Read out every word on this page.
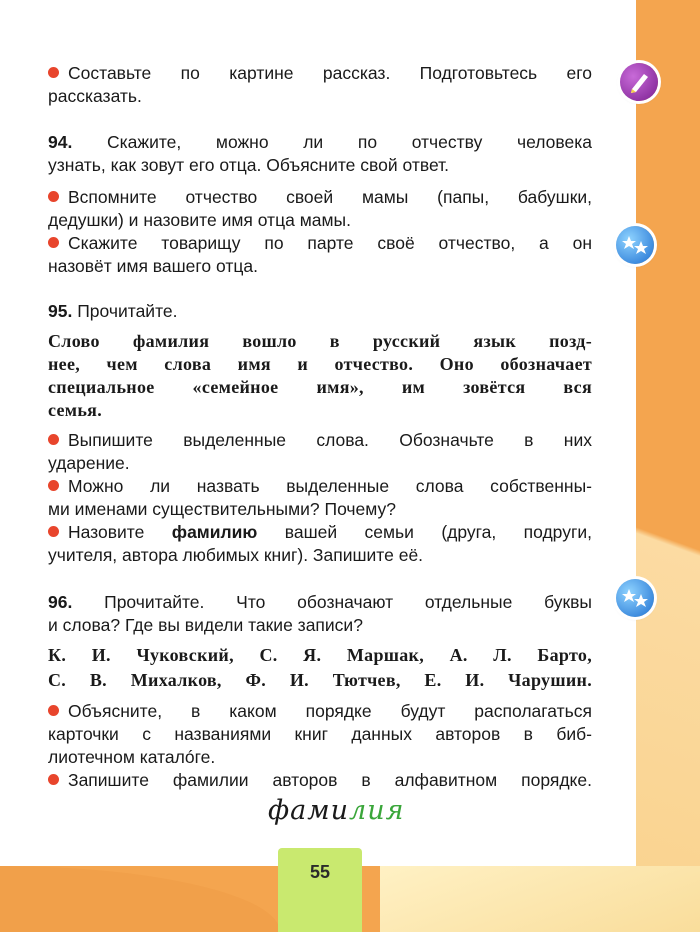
Составьте по картине рассказ. Подготовьтесь его
рассказать.
94. Скажите, можно ли по отчеству человека
узнать, как зовут его отца. Объясните свой ответ.
Вспомните отчество своей мамы (папы, бабушки,
дедушки) и назовите имя отца мамы.
Скажите товарищу по парте своё отчество, а он
назовёт имя вашего отца.
95. Прочитайте.
Слово фамилия вошло в русский язык позд-
нее, чем слова имя и отчество. Оно обозначает
специальное «семейное имя», им зовётся вся
семья.
Выпишите выделенные слова. Обозначьте в них
ударение.
Можно ли назвать выделенные слова собственны-
ми именами существительными? Почему?
Назовите фамилию вашей семьи (друга, подруги,
учителя, автора любимых книг). Запишите её.
96. Прочитайте. Что обозначают отдельные буквы
и слова? Где вы видели такие записи?
К. И. Чуковский, С. Я. Маршак, А. Л. Барто,
С. В. Михалков, Ф. И. Тютчев, Е. И. Чарушин.
Объясните, в каком порядке будут располагаться
карточки с названиями книг данных авторов в биб-
лиотечном каталóге.
Запишите фамилии авторов в алфавитном порядке.
фамилия
55
